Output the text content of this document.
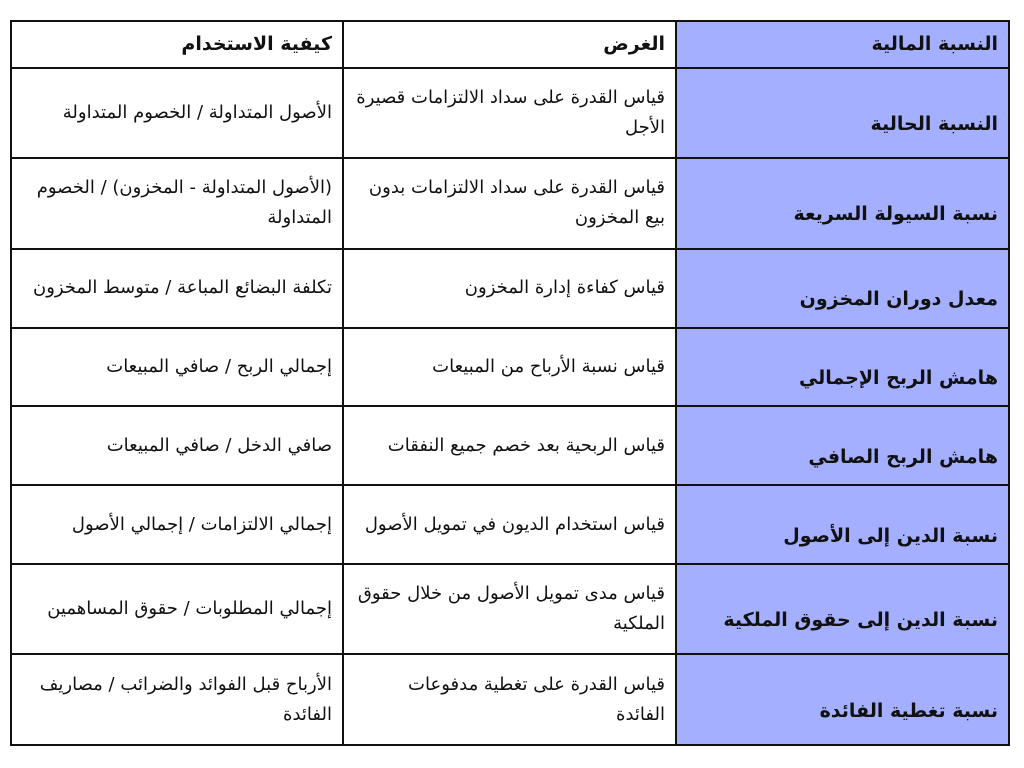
النسبة المالية	الغرض	كيفية الاستخدام
النسبة الحالية	قياس القدرة على سداد الالتزامات قصيرة الأجل	الأصول المتداولة / الخصوم المتداولة
نسبة السيولة السريعة	قياس القدرة على سداد الالتزامات بدون بيع المخزون	(الأصول المتداولة - المخزون) / الخصوم المتداولة
معدل دوران المخزون	قياس كفاءة إدارة المخزون	تكلفة البضائع المباعة / متوسط المخزون
هامش الربح الإجمالي	قياس نسبة الأرباح من المبيعات	إجمالي الربح / صافي المبيعات
هامش الربح الصافي	قياس الربحية بعد خصم جميع النفقات	صافي الدخل / صافي المبيعات
نسبة الدين إلى الأصول	قياس استخدام الديون في تمويل الأصول	إجمالي الالتزامات / إجمالي الأصول
نسبة الدين إلى حقوق الملكية	قياس مدى تمويل الأصول من خلال حقوق الملكية	إجمالي المطلوبات / حقوق المساهمين
نسبة تغطية الفائدة	قياس القدرة على تغطية مدفوعات الفائدة	الأرباح قبل الفوائد والضرائب / مصاريف الفائدة
